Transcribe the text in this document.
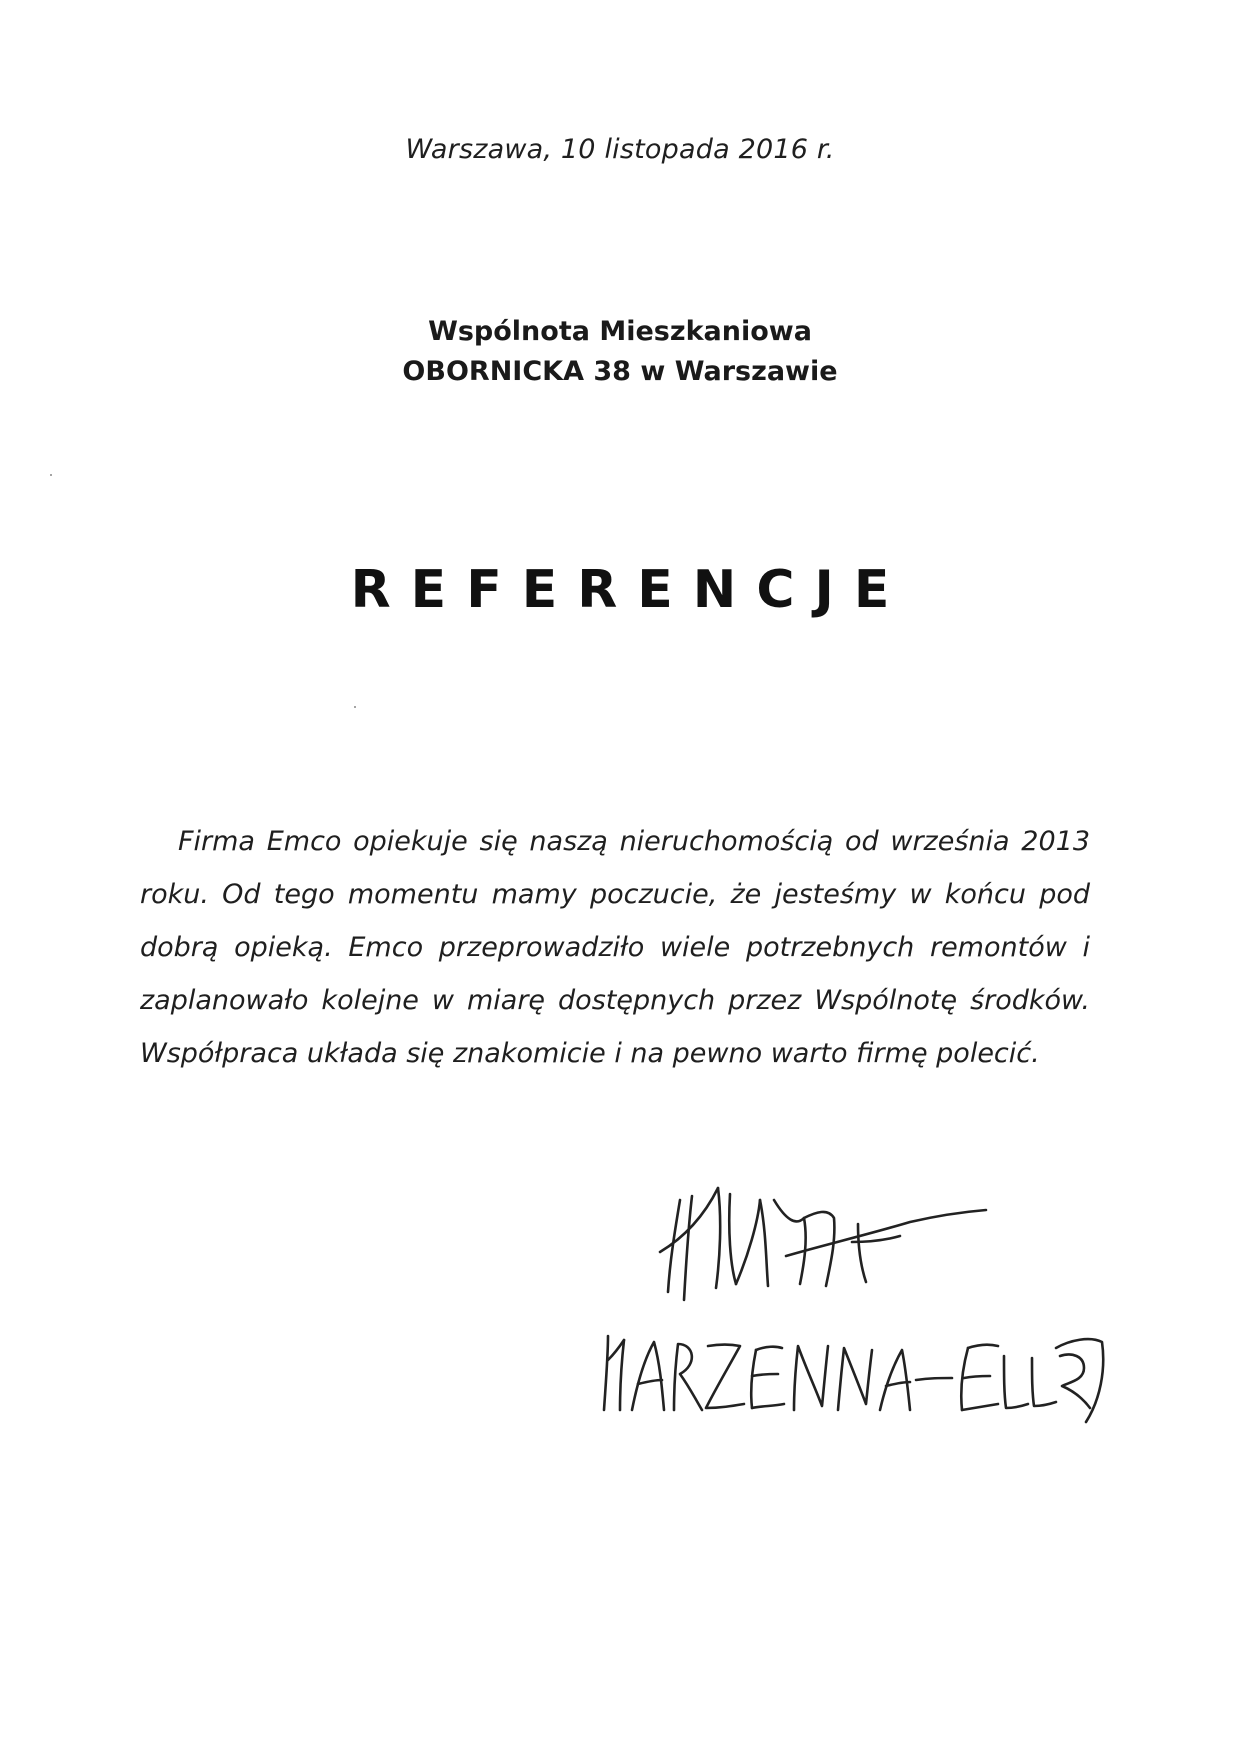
Warszawa, 10 listopada 2016 r.
Wspólnota Mieszkaniowa
OBORNICKA 38 w Warszawie
REFERENCJE
Firma Emco opiekuje się naszą nieruchomością od września 2013 roku. Od tego momentu mamy poczucie, że jesteśmy w końcu pod dobrą opieką. Emco przeprowadziło wiele potrzebnych remontów i zaplanowało kolejne w miarę dostępnych przez Wspólnotę środków. Współpraca układa się znakomicie i na pewno warto firmę polecić.
